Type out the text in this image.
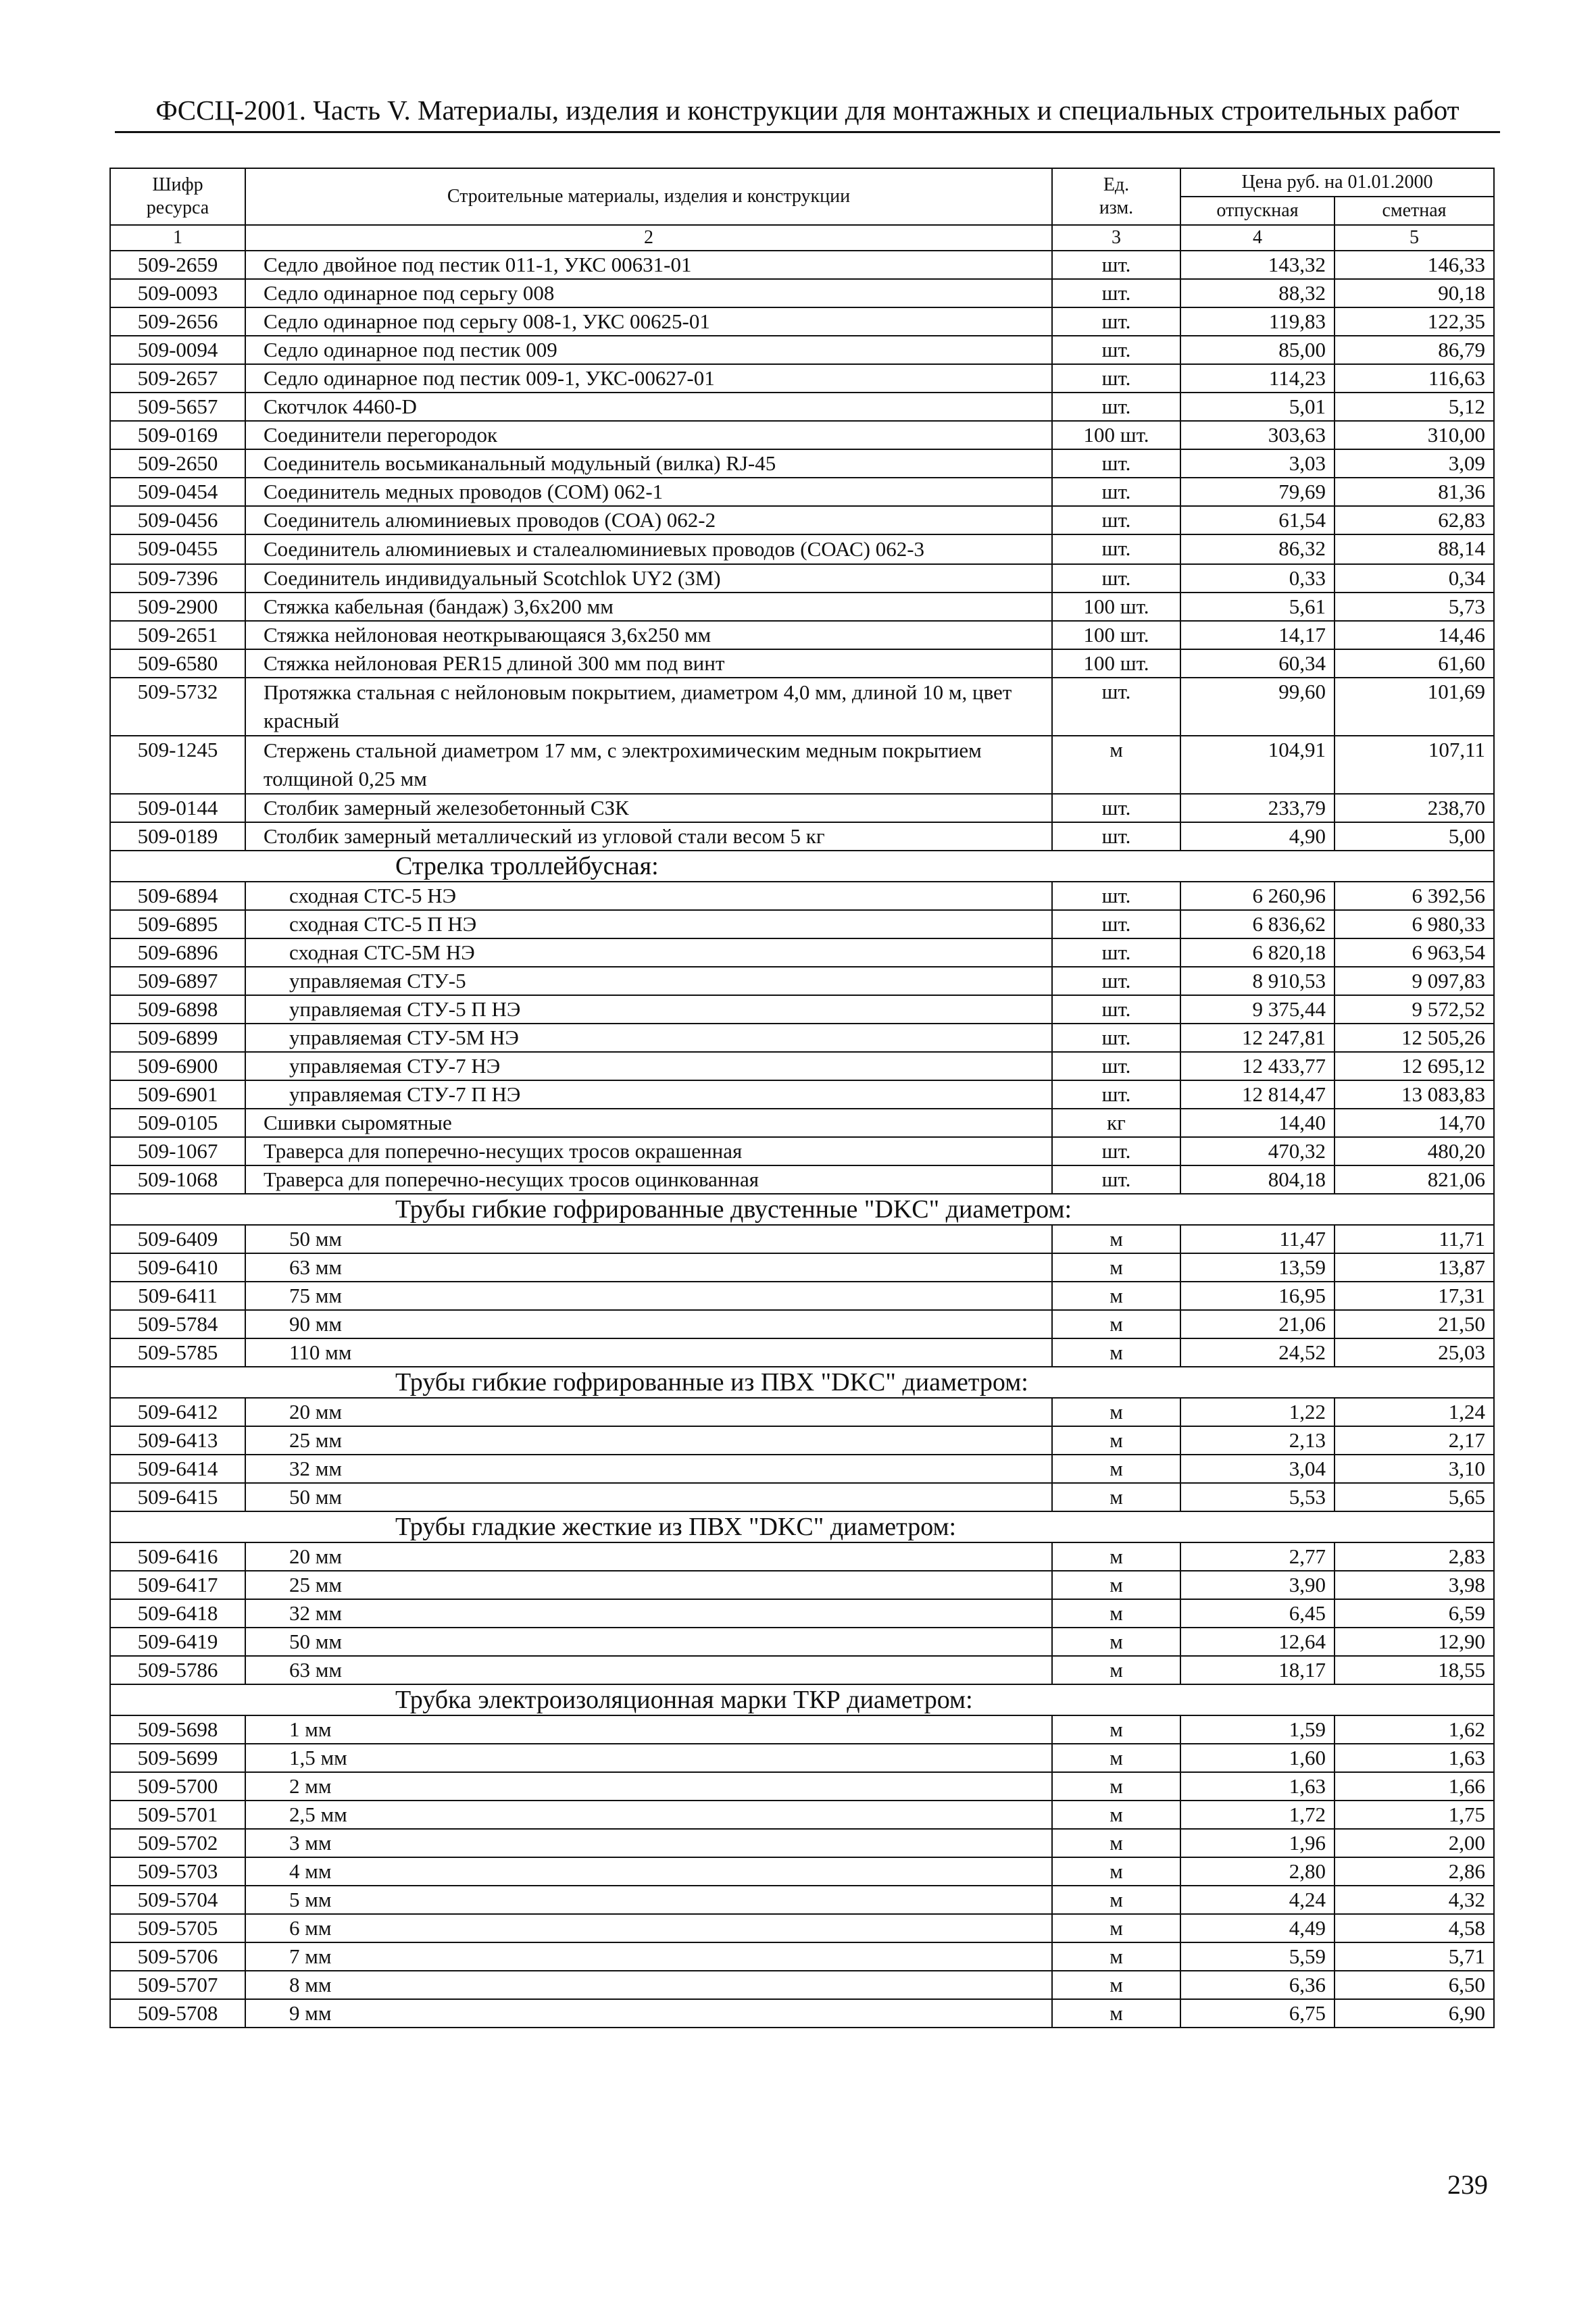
ФССЦ-2001. Часть V. Материалы, изделия и конструкции для монтажных и специальных строительных работ
Шифр
ресурса	Строительные материалы, изделия и конструкции	Ед.
изм.	Цена руб. на 01.01.2000	
			отпускная	сметная
1	2	3	4	5
509-2659	Седло двойное под пестик 011-1, УКС 00631-01	шт.	143,32	146,33
509-0093	Седло одинарное под серьгу 008	шт.	88,32	90,18
509-2656	Седло одинарное под серьгу 008-1, УКС 00625-01	шт.	119,83	122,35
509-0094	Седло одинарное под пестик 009	шт.	85,00	86,79
509-2657	Седло одинарное под пестик 009-1, УКС-00627-01	шт.	114,23	116,63
509-5657	Скотчлок 4460-D	шт.	5,01	5,12
509-0169	Соединители перегородок	100 шт.	303,63	310,00
509-2650	Соединитель восьмиканальный модульный (вилка) RJ-45	шт.	3,03	3,09
509-0454	Соединитель медных проводов (СОМ) 062-1	шт.	79,69	81,36
509-0456	Соединитель алюминиевых проводов (СОА) 062-2	шт.	61,54	62,83
509-0455	Соединитель алюминиевых и сталеалюминиевых проводов (СОАС) 062-3	шт.	86,32	88,14
509-7396	Соединитель индивидуальный Scotchlok UY2 (3M)	шт.	0,33	0,34
509-2900	Стяжка кабельная (бандаж) 3,6х200 мм	100 шт.	5,61	5,73
509-2651	Стяжка нейлоновая неоткрывающаяся 3,6х250 мм	100 шт.	14,17	14,46
509-6580	Стяжка нейлоновая PER15 длиной 300 мм под винт	100 шт.	60,34	61,60
509-5732	Протяжка стальная с нейлоновым покрытием, диаметром 4,0 мм, длиной 10 м, цвет красный	шт.	99,60	101,69
509-1245	Стержень стальной диаметром 17 мм, с электрохимическим медным покрытием толщиной 0,25 мм	м	104,91	107,11
509-0144	Столбик замерный железобетонный СЗК	шт.	233,79	238,70
509-0189	Столбик замерный металлический из угловой стали весом 5 кг	шт.	4,90	5,00
	Стрелка троллейбусная:			
509-6894	сходная СТС-5 НЭ	шт.	6 260,96	6 392,56
509-6895	сходная СТС-5 П НЭ	шт.	6 836,62	6 980,33
509-6896	сходная СТС-5М НЭ	шт.	6 820,18	6 963,54
509-6897	управляемая СТУ-5	шт.	8 910,53	9 097,83
509-6898	управляемая СТУ-5 П НЭ	шт.	9 375,44	9 572,52
509-6899	управляемая СТУ-5М НЭ	шт.	12 247,81	12 505,26
509-6900	управляемая СТУ-7 НЭ	шт.	12 433,77	12 695,12
509-6901	управляемая СТУ-7 П НЭ	шт.	12 814,47	13 083,83
509-0105	Сшивки сыромятные	кг	14,40	14,70
509-1067	Траверса для поперечно-несущих тросов окрашенная	шт.	470,32	480,20
509-1068	Траверса для поперечно-несущих тросов оцинкованная	шт.	804,18	821,06
	Трубы гибкие гофрированные двустенные "DKC" диаметром:			
509-6409	50 мм	м	11,47	11,71
509-6410	63 мм	м	13,59	13,87
509-6411	75 мм	м	16,95	17,31
509-5784	90 мм	м	21,06	21,50
509-5785	110 мм	м	24,52	25,03
	Трубы гибкие гофрированные из ПВХ "DKC" диаметром:			
509-6412	20 мм	м	1,22	1,24
509-6413	25 мм	м	2,13	2,17
509-6414	32 мм	м	3,04	3,10
509-6415	50 мм	м	5,53	5,65
	Трубы гладкие жесткие из ПВХ "DKC" диаметром:			
509-6416	20 мм	м	2,77	2,83
509-6417	25 мм	м	3,90	3,98
509-6418	32 мм	м	6,45	6,59
509-6419	50 мм	м	12,64	12,90
509-5786	63 мм	м	18,17	18,55
	Трубка электроизоляционная марки ТКР диаметром:			
509-5698	1 мм	м	1,59	1,62
509-5699	1,5 мм	м	1,60	1,63
509-5700	2 мм	м	1,63	1,66
509-5701	2,5 мм	м	1,72	1,75
509-5702	3 мм	м	1,96	2,00
509-5703	4 мм	м	2,80	2,86
509-5704	5 мм	м	4,24	4,32
509-5705	6 мм	м	4,49	4,58
509-5706	7 мм	м	5,59	5,71
509-5707	8 мм	м	6,36	6,50
509-5708	9 мм	м	6,75	6,90
239
